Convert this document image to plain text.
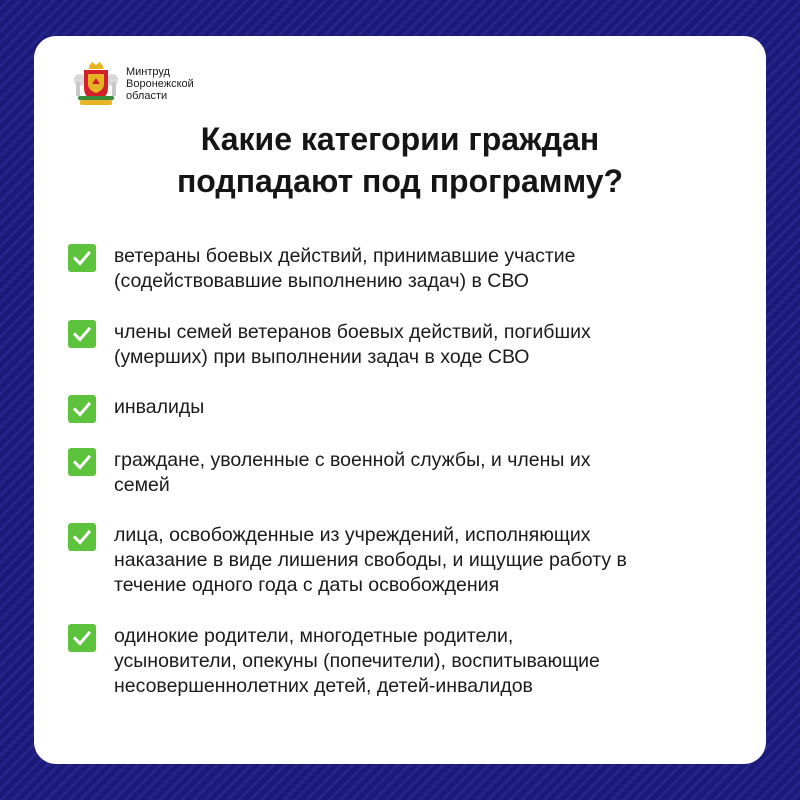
Минтруд
Воронежской
области
Какие категории граждан
подпадают под программу?
ветераны боевых действий, принимавшие участие
(содействовавшие выполнению задач) в СВО
члены семей ветеранов боевых действий, погибших
(умерших) при выполнении задач в ходе СВО
инвалиды
граждане, уволенные с военной службы, и члены их
семей
лица, освобожденные из учреждений, исполняющих
наказание в виде лишения свободы, и ищущие работу в
течение одного года с даты освобождения
одинокие родители, многодетные родители,
усыновители, опекуны (попечители), воспитывающие
несовершеннолетних детей, детей-инвалидов
